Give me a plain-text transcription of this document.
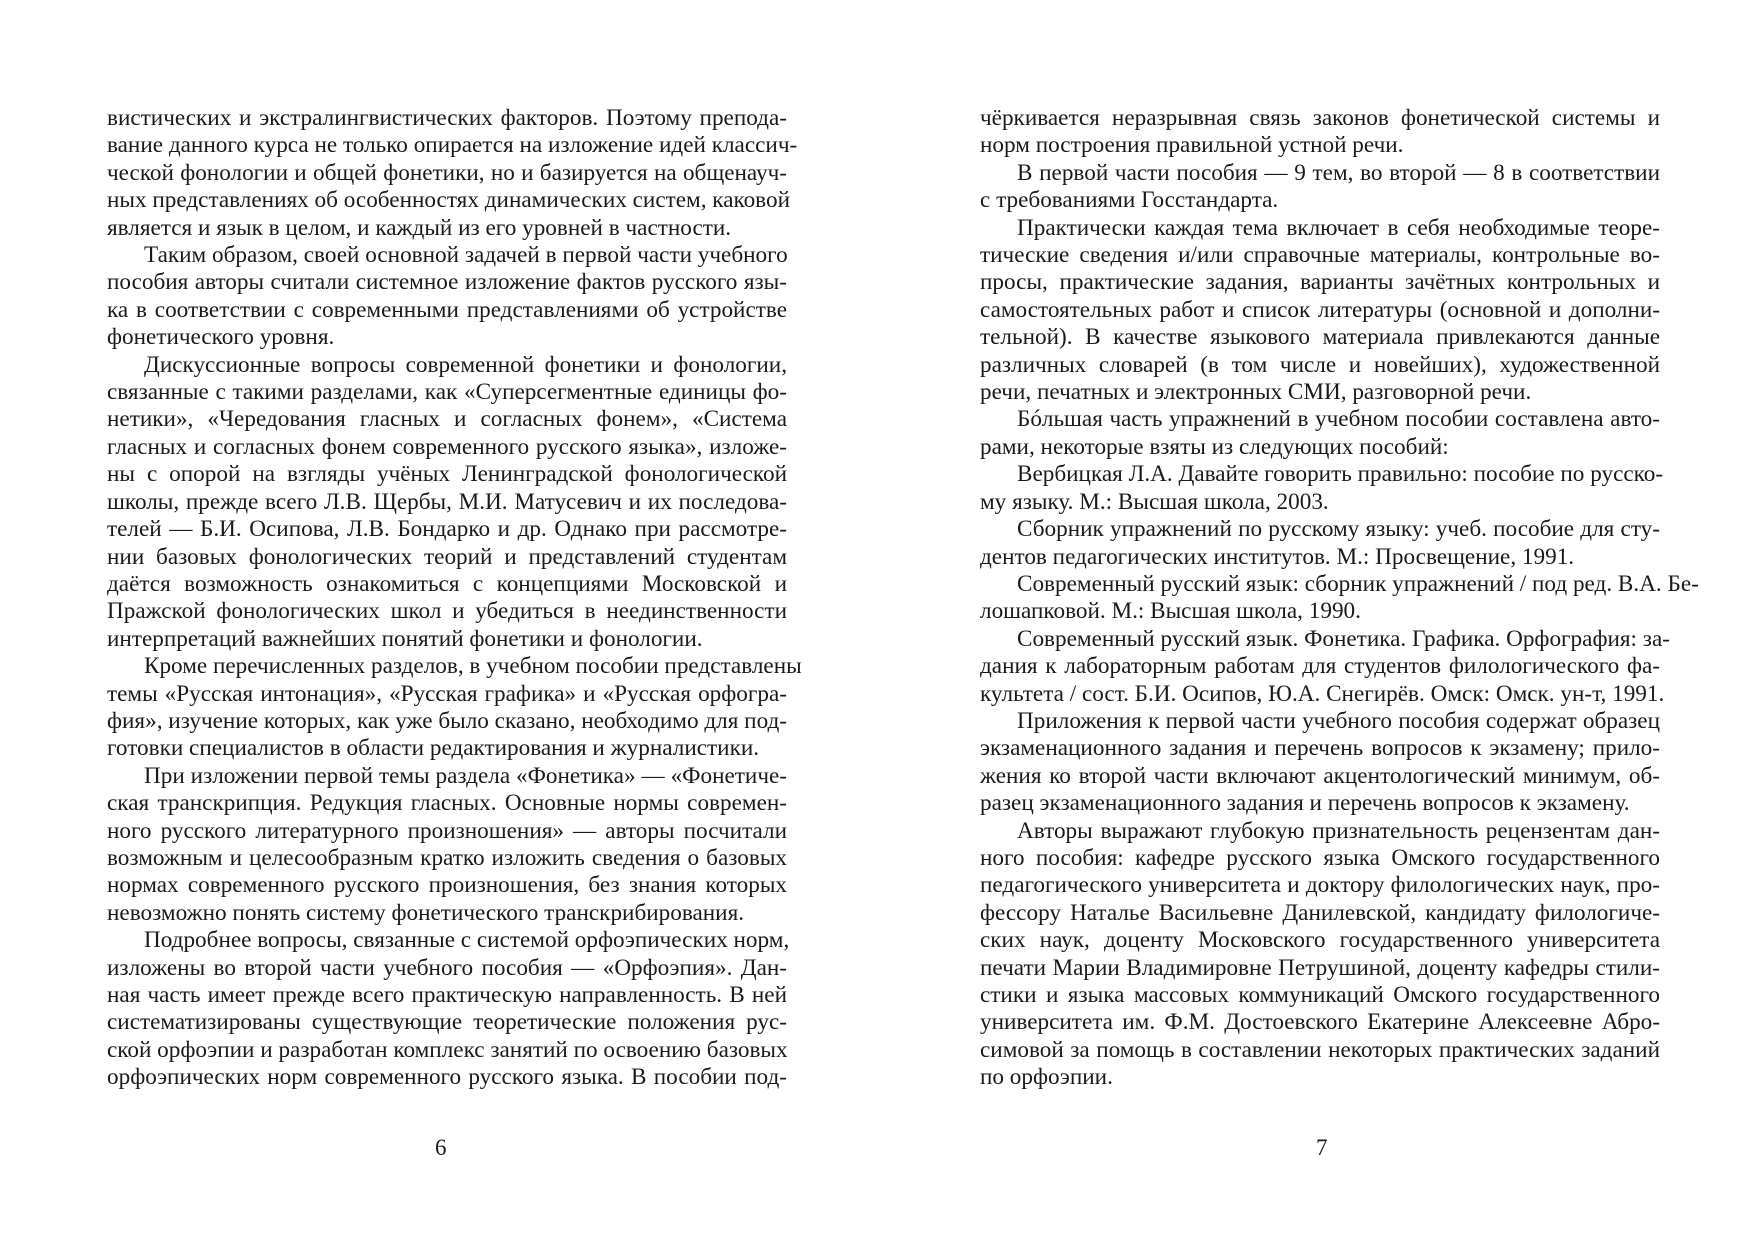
вистических и экстралингвистических факторов. Поэтому препода-
вание данного курса не только опирается на изложение идей классич-
ческой фонологии и общей фонетики, но и базируется на общенауч-
ных представлениях об особенностях динамических систем, каковой
является и язык в целом, и каждый из его уровней в частности.
Таким образом, своей основной задачей в первой части учебного
пособия авторы считали системное изложение фактов русского язы-
ка в соответствии с современными представлениями об устройстве
фонетического уровня.
Дискуссионные вопросы современной фонетики и фонологии,
связанные с такими разделами, как «Суперсегментные единицы фо-
нетики», «Чередования гласных и согласных фонем», «Система
гласных и согласных фонем современного русского языка», изложе-
ны с опорой на взгляды учёных Ленинградской фонологической
школы, прежде всего Л.В. Щербы, М.И. Матусевич и их последова-
телей — Б.И. Осипова, Л.В. Бондарко и др. Однако при рассмотре-
нии базовых фонологических теорий и представлений студентам
даётся возможность ознакомиться с концепциями Московской и
Пражской фонологических школ и убедиться в неединственности
интерпретаций важнейших понятий фонетики и фонологии.
Кроме перечисленных разделов, в учебном пособии представлены
темы «Русская интонация», «Русская графика» и «Русская орфогра-
фия», изучение которых, как уже было сказано, необходимо для под-
готовки специалистов в области редактирования и журналистики.
При изложении первой темы раздела «Фонетика» — «Фонетиче-
ская транскрипция. Редукция гласных. Основные нормы современ-
ного русского литературного произношения» — авторы посчитали
возможным и целесообразным кратко изложить сведения о базовых
нормах современного русского произношения, без знания которых
невозможно понять систему фонетического транскрибирования.
Подробнее вопросы, связанные с системой орфоэпических норм,
изложены во второй части учебного пособия — «Орфоэпия». Дан-
ная часть имеет прежде всего практическую направленность. В ней
систематизированы существующие теоретические положения рус-
ской орфоэпии и разработан комплекс занятий по освоению базовых
орфоэпических норм современного русского языка. В пособии под-
6
чёркивается неразрывная связь законов фонетической системы и
норм построения правильной устной речи.
В первой части пособия — 9 тем, во второй — 8 в соответствии
с требованиями Госстандарта.
Практически каждая тема включает в себя необходимые теоре-
тические сведения и/или справочные материалы, контрольные во-
просы, практические задания, варианты зачётных контрольных и
самостоятельных работ и список литературы (основной и дополни-
тельной). В качестве языкового материала привлекаются данные
различных словарей (в том числе и новейших), художественной
речи, печатных и электронных СМИ, разговорной речи.
Бóльшая часть упражнений в учебном пособии составлена авто-
рами, некоторые взяты из следующих пособий:
Вербицкая Л.А. Давайте говорить правильно: пособие по русско-
му языку. М.: Высшая школа, 2003.
Сборник упражнений по русскому языку: учеб. пособие для сту-
дентов педагогических институтов. М.: Просвещение, 1991.
Современный русский язык: сборник упражнений / под ред. В.А. Бе-
лошапковой. М.: Высшая школа, 1990.
Современный русский язык. Фонетика. Графика. Орфография: за-
дания к лабораторным работам для студентов филологического фа-
культета / сост. Б.И. Осипов, Ю.А. Снегирёв. Омск: Омск. ун-т, 1991.
Приложения к первой части учебного пособия содержат образец
экзаменационного задания и перечень вопросов к экзамену; прило-
жения ко второй части включают акцентологический минимум, об-
разец экзаменационного задания и перечень вопросов к экзамену.
Авторы выражают глубокую признательность рецензентам дан-
ного пособия: кафедре русского языка Омского государственного
педагогического университета и доктору филологических наук, про-
фессору Наталье Васильевне Данилевской, кандидату филологиче-
ских наук, доценту Московского государственного университета
печати Марии Владимировне Петрушиной, доценту кафедры стили-
стики и языка массовых коммуникаций Омского государственного
университета им. Ф.М. Достоевского Екатерине Алексеевне Абро-
симовой за помощь в составлении некоторых практических заданий
по орфоэпии.
7
